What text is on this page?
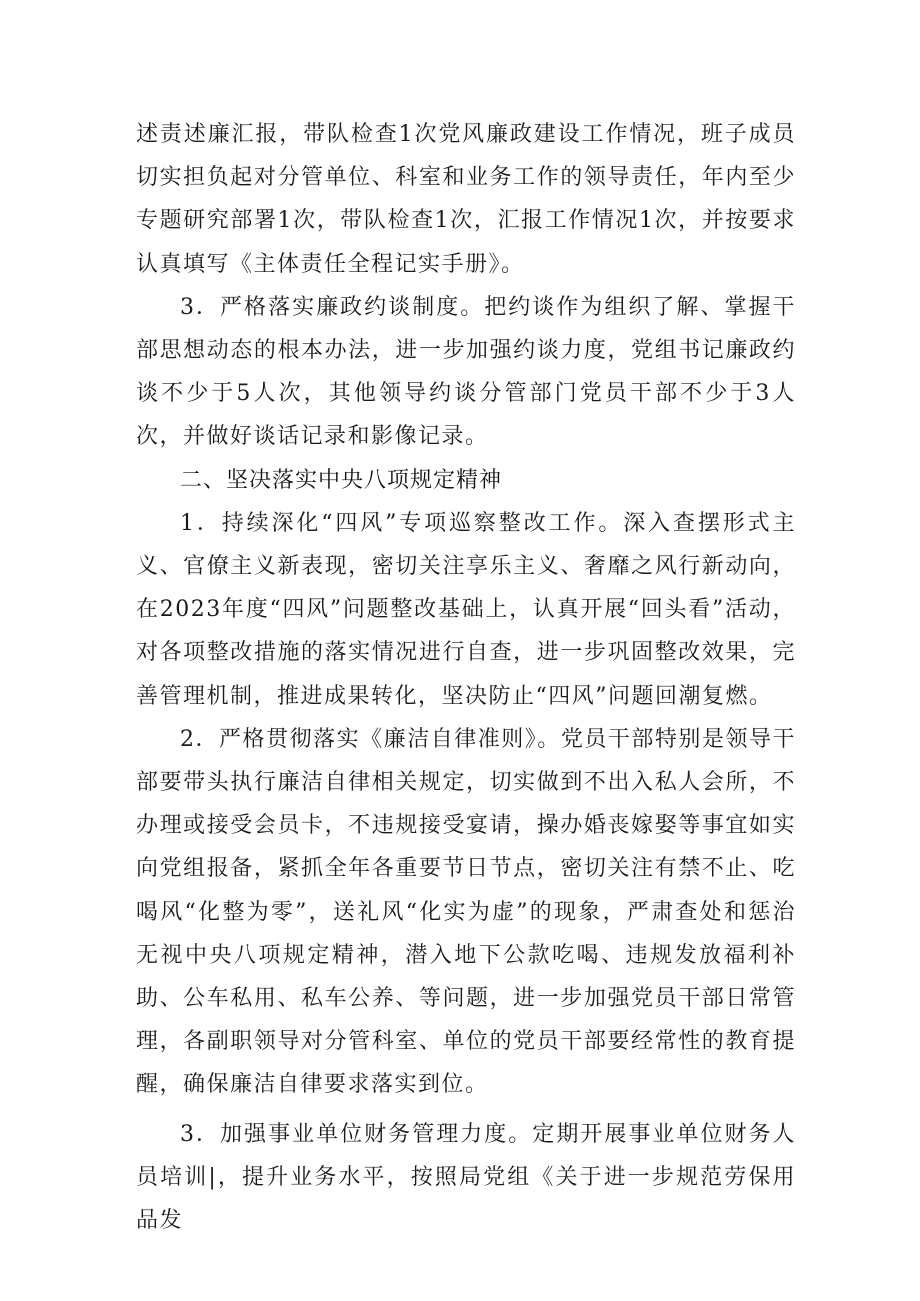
述责述廉汇报，带队检查1次党风廉政建设工作情况，班子成员切实担负起对分管单位、科室和业务工作的领导责任，年内至少专题研究部署1次，带队检查1次，汇报工作情况1次，并按要求认真填写《主体责任全程记实手册》。

3．严格落实廉政约谈制度。把约谈作为组织了解、掌握干部思想动态的根本办法，进一步加强约谈力度，党组书记廉政约谈不少于5人次，其他领导约谈分管部门党员干部不少于3人次，并做好谈话记录和影像记录。

二、坚决落实中央八项规定精神

1．持续深化“四风”专项巡察整改工作。深入查摆形式主义、官僚主义新表现，密切关注享乐主义、奢靡之风行新动向，在2023年度“四风”问题整改基础上，认真开展“回头看”活动，对各项整改措施的落实情况进行自查，进一步巩固整改效果，完善管理机制，推进成果转化，坚决防止“四风”问题回潮复燃。

2．严格贯彻落实《廉洁自律准则》。党员干部特别是领导干部要带头执行廉洁自律相关规定，切实做到不出入私人会所，不办理或接受会员卡，不违规接受宴请，操办婚丧嫁娶等事宜如实向党组报备，紧抓全年各重要节日节点，密切关注有禁不止、吃喝风“化整为零”，送礼风“化实为虚”的现象，严肃查处和惩治无视中央八项规定精神，潜入地下公款吃喝、违规发放福利补助、公车私用、私车公养、等问题，进一步加强党员干部日常管理，各副职领导对分管科室、单位的党员干部要经常性的教育提醒，确保廉洁自律要求落实到位。

3．加强事业单位财务管理力度。定期开展事业单位财务人员培训|，提升业务水平，按照局党组《关于进一步规范劳保用品发
